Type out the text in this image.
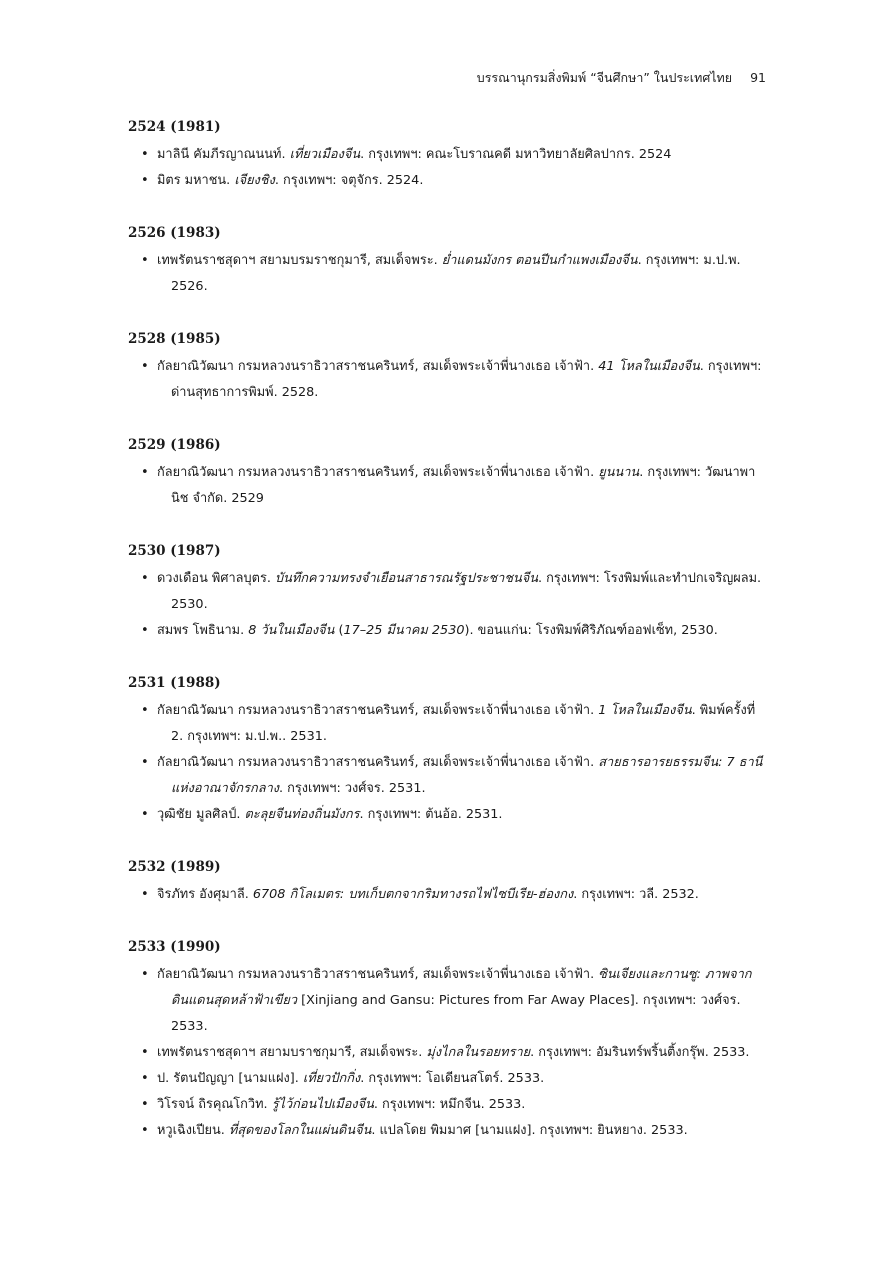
บรรณานุกรมสิ่งพิมพ์ “จีนศึกษา” ในประเทศไทย 91
2524 (1981)
• มาลินี คัมภีรญาณนนท์. เที่ยวเมืองจีน. กรุงเทพฯ: คณะโบราณคดี มหาวิทยาลัยศิลปากร. 2524
• มิตร มหาชน. เจียงชิง. กรุงเทพฯ: จตุจักร. 2524.
2526 (1983)
• เทพรัตนราชสุดาฯ สยามบรมราชกุมารี, สมเด็จพระ. ย่ำแดนมังกร ตอนปีนกำแพงเมืองจีน. กรุงเทพฯ: ม.ป.พ. 2526.
2528 (1985)
• กัลยาณิวัฒนา กรมหลวงนราธิวาสราชนครินทร์, สมเด็จพระเจ้าพี่นางเธอ เจ้าฟ้า. 41 โหลในเมืองจีน. กรุงเทพฯ: ด่านสุทธาการพิมพ์. 2528.
2529 (1986)
• กัลยาณิวัฒนา กรมหลวงนราธิวาสราชนครินทร์, สมเด็จพระเจ้าพี่นางเธอ เจ้าฟ้า. ยูนนาน. กรุงเทพฯ: วัฒนาพานิช จำกัด. 2529
2530 (1987)
• ดวงเดือน พิศาลบุตร. บันทึกความทรงจำเยือนสาธารณรัฐประชาชนจีน. กรุงเทพฯ: โรงพิมพ์และทำปกเจริญผลม. 2530.
• สมพร โพธินาม. 8 วันในเมืองจีน (17–25 มีนาคม 2530). ขอนแก่น: โรงพิมพ์ศิริภัณฑ์ออฟเซ็ท, 2530.
2531 (1988)
• กัลยาณิวัฒนา กรมหลวงนราธิวาสราชนครินทร์, สมเด็จพระเจ้าพี่นางเธอ เจ้าฟ้า. 1 โหลในเมืองจีน. พิมพ์ครั้งที่ 2. กรุงเทพฯ: ม.ป.พ.. 2531.
• กัลยาณิวัฒนา กรมหลวงนราธิวาสราชนครินทร์, สมเด็จพระเจ้าพี่นางเธอ เจ้าฟ้า. สายธารอารยธรรมจีน: 7 ธานีแห่งอาณาจักรกลาง. กรุงเทพฯ: วงศ์จร. 2531.
• วุฒิชัย มูลศิลป์. ตะลุยจีนท่องถิ่นมังกร. กรุงเทพฯ: ต้นอ้อ. 2531.
2532 (1989)
• จิรภัทร อังศุมาลี. 6708 กิโลเมตร: บทเก็บตกจากริมทางรถไฟไซบีเรีย-ฮ่องกง. กรุงเทพฯ: วลี. 2532.
2533 (1990)
• กัลยาณิวัฒนา กรมหลวงนราธิวาสราชนครินทร์, สมเด็จพระเจ้าพี่นางเธอ เจ้าฟ้า. ซินเจียงและกานซู: ภาพจากดินแดนสุดหล้าฟ้าเขียว [Xinjiang and Gansu: Pictures from Far Away Places]. กรุงเทพฯ: วงศ์จร. 2533.
• เทพรัตนราชสุดาฯ สยามบราชกุมารี, สมเด็จพระ. มุ่งไกลในรอยทราย. กรุงเทพฯ: อัมรินทร์พริ้นติ้งกรุ๊พ. 2533.
• ป. รัตนปัญญา [นามแฝง]. เที่ยวปักกิ่ง. กรุงเทพฯ: โอเดียนสโตร์. 2533.
• วิโรจน์ ถิรคุณโกวิท. รู้ไว้ก่อนไปเมืองจีน. กรุงเทพฯ: หมึกจีน. 2533.
• หวูเฉิงเปียน. ที่สุดของโลกในแผ่นดินจีน. แปลโดย พิมมาศ [นามแฝง]. กรุงเทพฯ: ยินหยาง. 2533.
